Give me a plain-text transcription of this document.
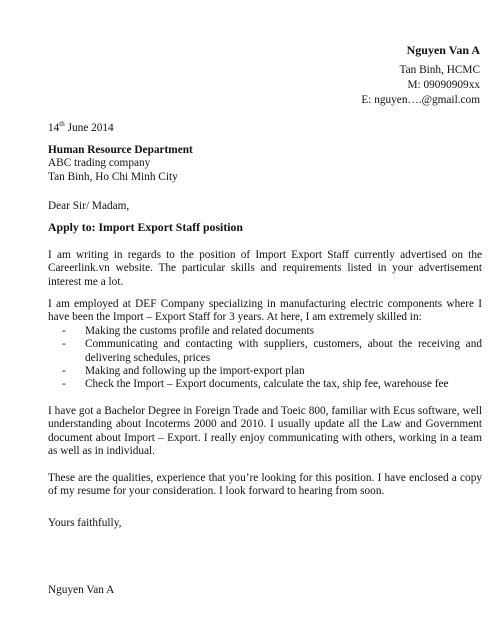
Nguyen Van A
Tan Binh, HCMC
M: 09090909xx
E: nguyen….@gmail.com
14th June 2014
Human Resource Department
ABC trading company
Tan Binh, Ho Chi Minh City
Dear Sir/ Madam,
Apply to: Import Export Staff position
I am writing in regards to the position of Import Export Staff currently advertised on the Careerlink.vn website. The particular skills and requirements listed in your advertisement interest me a lot.
I am employed at DEF Company specializing in manufacturing electric components where I have been the Import – Export Staff for 3 years. At here, I am extremely skilled in:
- Making the customs profile and related documents
- Communicating and contacting with suppliers, customers, about the receiving and delivering schedules, prices
- Making and following up the import-export plan
- Check the Import – Export documents, calculate the tax, ship fee, warehouse fee
I have got a Bachelor Degree in Foreign Trade and Toeic 800, familiar with Ecus software, well understanding about Incoterms 2000 and 2010. I usually update all the Law and Government document about Import – Export. I really enjoy communicating with others, working in a team as well as in individual.
These are the qualities, experience that you’re looking for this position. I have enclosed a copy of my resume for your consideration. I look forward to hearing from soon.
Yours faithfully,
Nguyen Van A
